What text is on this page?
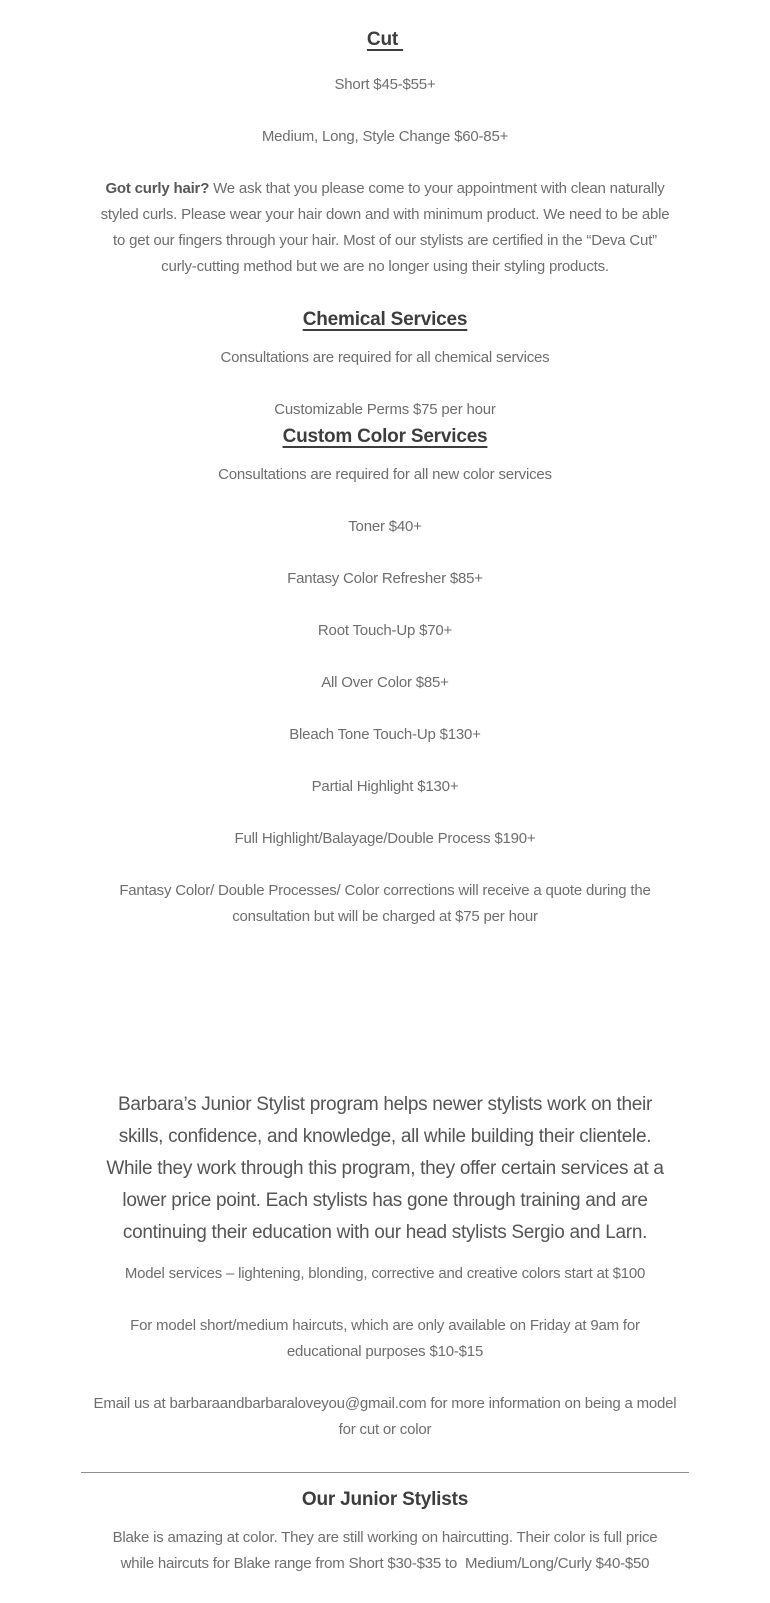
Cut

Short $45-$55+

Medium, Long, Style Change $60-85+

Got curly hair? We ask that you please come to your appointment with clean naturally
styled curls. Please wear your hair down and with minimum product. We need to be able
to get our fingers through your hair. Most of our stylists are certified in the “Deva Cut”
curly-cutting method but we are no longer using their styling products.

Chemical Services

Consultations are required for all chemical services

Customizable Perms $75 per hour

Custom Color Services

Consultations are required for all new color services

Toner $40+

Fantasy Color Refresher $85+

Root Touch-Up $70+

All Over Color $85+

Bleach Tone Touch-Up $130+

Partial Highlight $130+

Full Highlight/Balayage/Double Process $190+

Fantasy Color/ Double Processes/ Color corrections will receive a quote during the
consultation but will be charged at $75 per hour

Barbara’s Junior Stylist program helps newer stylists work on their
skills, confidence, and knowledge, all while building their clientele.
While they work through this program, they offer certain services at a
lower price point. Each stylists has gone through training and are
continuing their education with our head stylists Sergio and Larn.

Model services – lightening, blonding, corrective and creative colors start at $100

For model short/medium haircuts, which are only available on Friday at 9am for
educational purposes $10-$15

Email us at barbaraandbarbaraloveyou@gmail.com for more information on being a model
for cut or color

Our Junior Stylists

Blake is amazing at color. They are still working on haircutting. Their color is full price
while haircuts for Blake range from Short $30-$35 to  Medium/Long/Curly $40-$50
